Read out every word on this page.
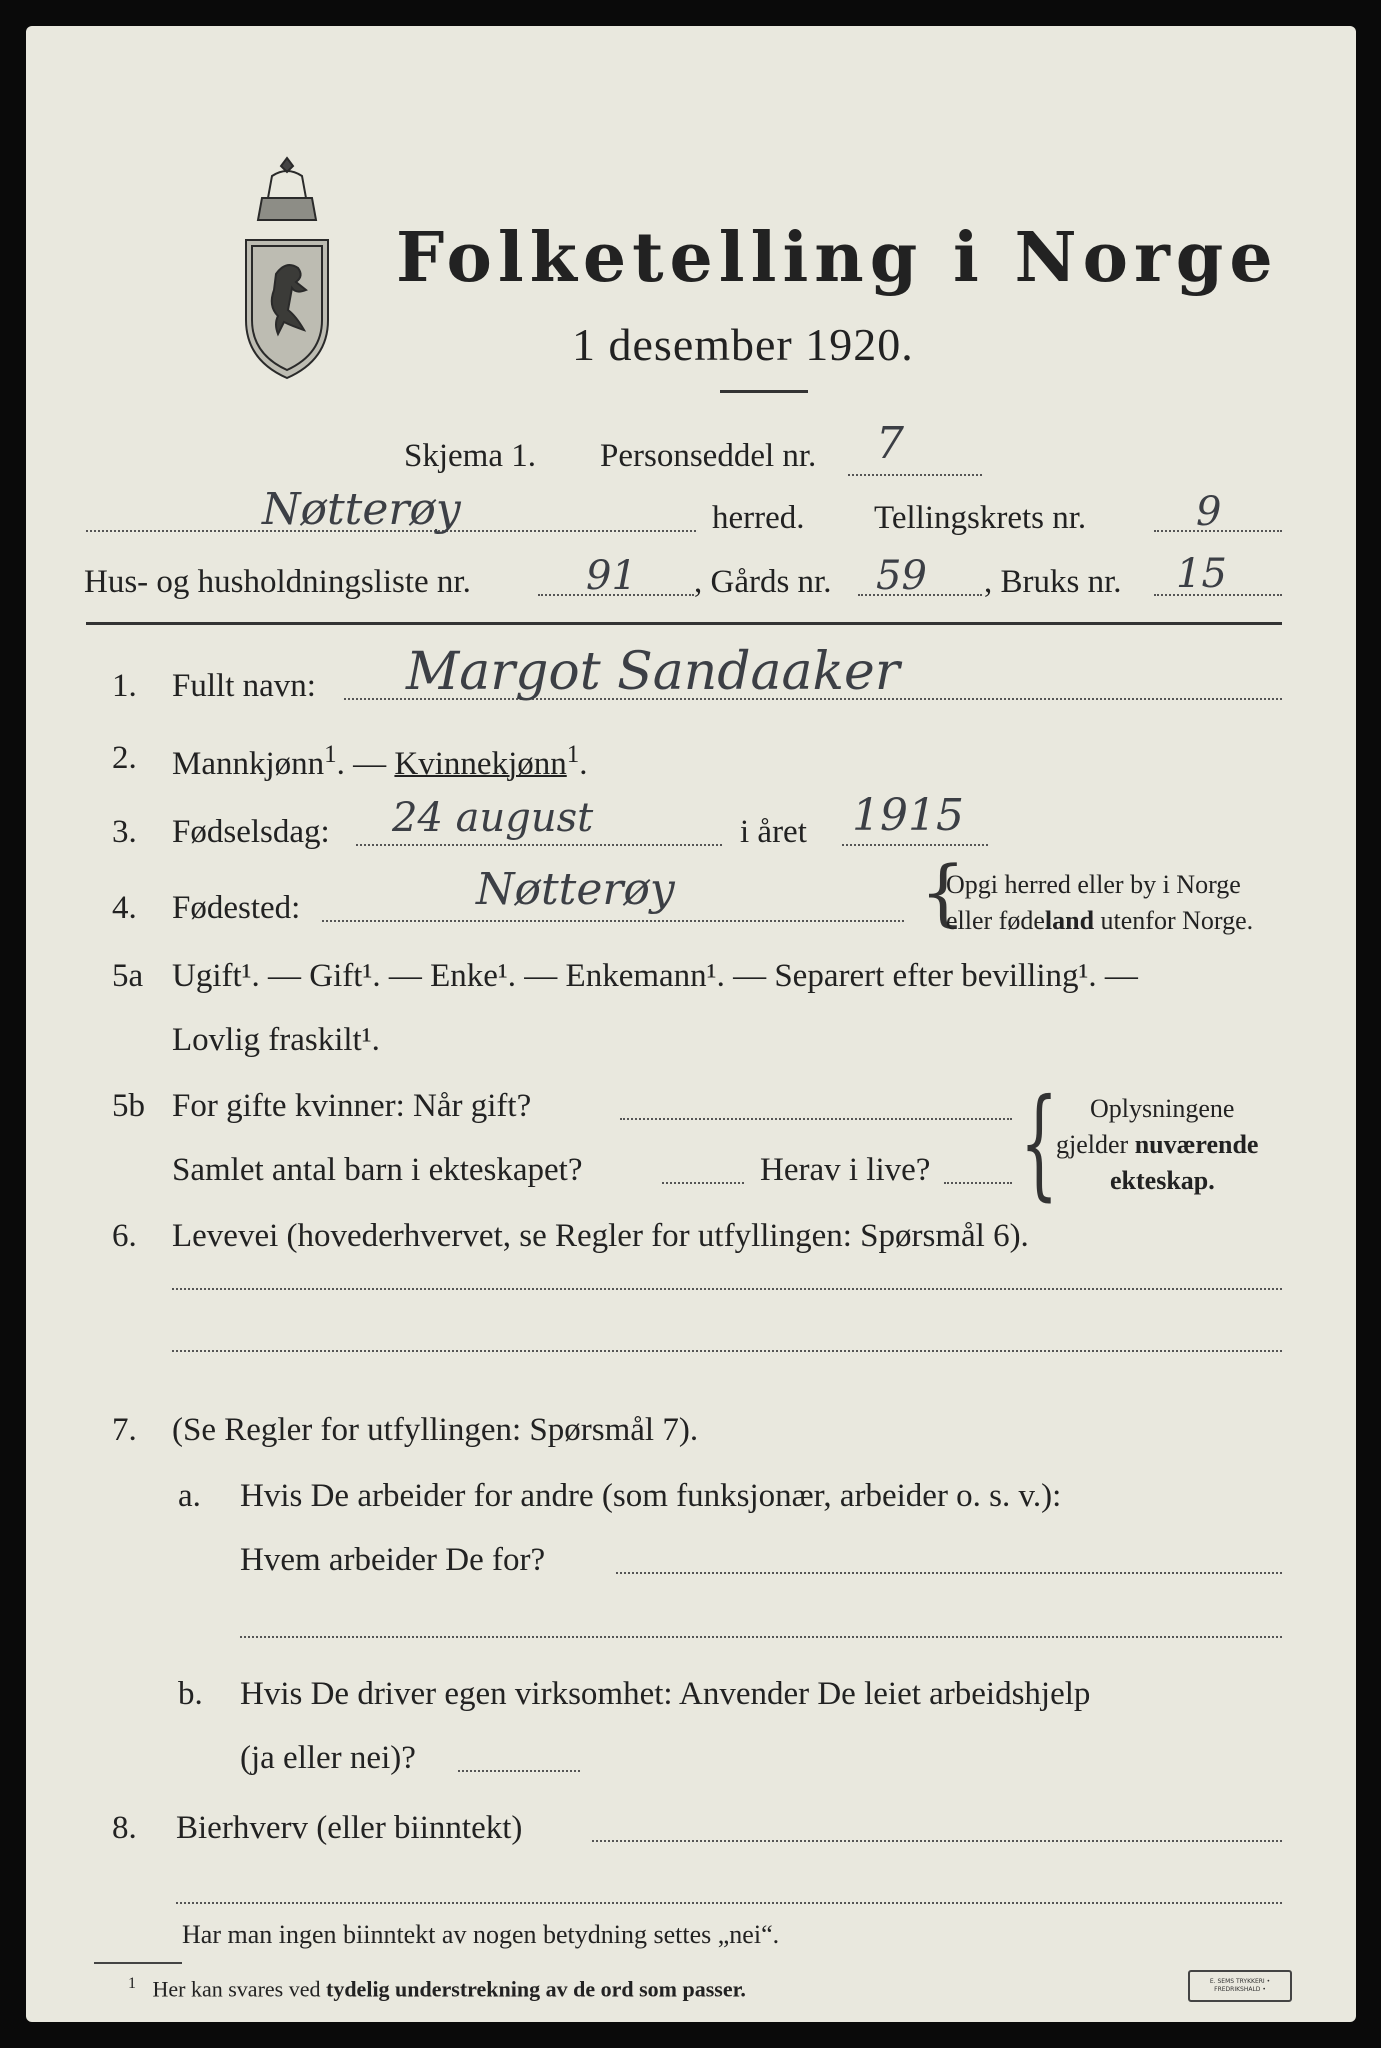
Folketelling i Norge
1 desember 1920.
Skjema 1. Personseddel nr. 7
Nøtterøy	herred. Tellingskrets nr.	9
Hus- og husholdningsliste nr.	91 , Gårds nr. 59 , Bruks nr. 15
1. Fullt navn: Margot Sandaaker
2. Mannkjønn$^1$. — Kvinnekjønn$^1$.
3. Fødselsdag: 24 august	i året 1915
4. Fødested:	Nøtterøy	{
Opgi herred eller by i Norge
eller fødeland utenfor Norge.
5a Ugift¹. — Gift¹. — Enke¹. — Enkemann¹. — Separert efter bevilling¹. —
Lovlig fraskilt¹.
5b For gifte kvinner: Når gift?
Samlet antal barn i ekteskapet?	Herav i live? { Oplysningene
gjelder nuværende
ekteskap.
6. Levevei (hovederhvervet, se Regler for utfyllingen: Spørsmål 6).
7. (Se Regler for utfyllingen: Spørsmål 7).
a. Hvis De arbeider for andre (som funksjonær, arbeider o. s. v.):
Hvem arbeider De for?
b. Hvis De driver egen virksomhet: Anvender De leiet arbeidshjelp
(ja eller nei)?
8. Bierhverv (eller biinntekt)
Har man ingen biinntekt av nogen betydning settes „nei“.
$^1$ Her kan svares ved tydelig understrekning av de ord som passer.	E. SEMS TRYKKERI • FREDRIKSHALD •
